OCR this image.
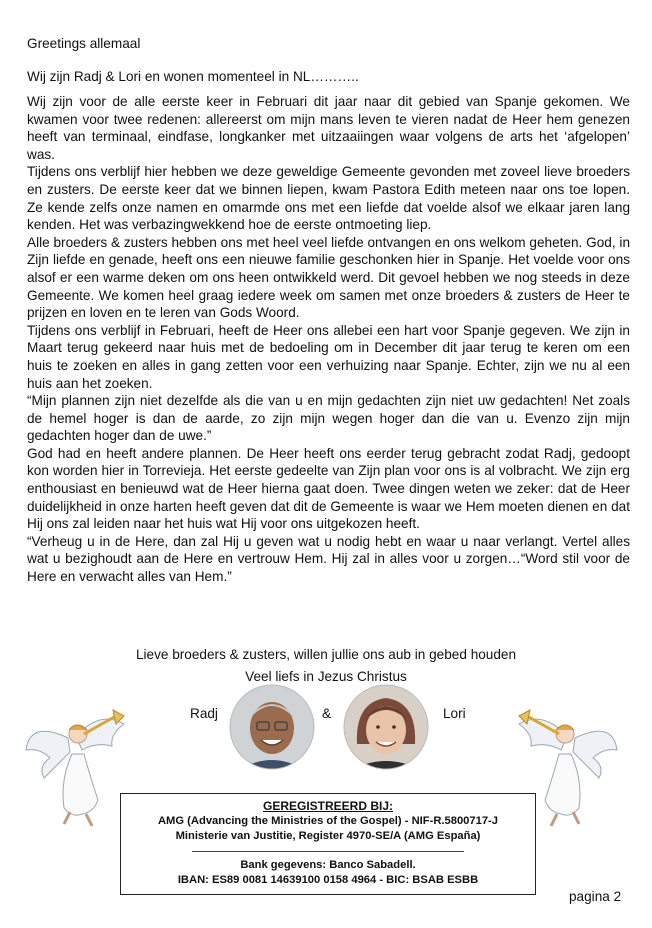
Greetings allemaal
Wij zijn Radj & Lori en wonen momenteel in NL………..

Wij zijn voor de alle eerste keer in Februari dit jaar naar dit gebied van Spanje gekomen. We kwamen voor twee redenen: allereerst om mijn mans leven te vieren nadat de Heer hem genezen heeft van terminaal, eindfase, longkanker met uitzaaiingen waar volgens de arts het ‘afgelopen’ was.

Tijdens ons verblijf hier hebben we deze geweldige Gemeente gevonden met zoveel lieve broeders en zusters. De eerste keer dat we binnen liepen, kwam Pastora Edith meteen naar ons toe lopen. Ze kende zelfs onze namen en omarmde ons met een liefde dat voelde alsof we elkaar jaren lang kenden. Het was verbazingwekkend hoe de eerste ontmoeting liep.

Alle broeders & zusters hebben ons met heel veel liefde ontvangen en ons welkom geheten. God, in Zijn liefde en genade, heeft ons een nieuwe familie geschonken hier in Spanje. Het voelde voor ons alsof er een warme deken om ons heen ontwikkeld werd. Dit gevoel hebben we nog steeds in deze Gemeente. We komen heel graag iedere week om samen met onze broeders & zusters de Heer te prijzen en loven en te leren van Gods Woord.

Tijdens ons verblijf in Februari, heeft de Heer ons allebei een hart voor Spanje gegeven. We zijn in Maart terug gekeerd naar huis met de bedoeling om in December dit jaar terug te keren om een huis te zoeken en alles in gang zetten voor een verhuizing naar Spanje. Echter, zijn we nu al een huis aan het zoeken.

“Mijn plannen zijn niet dezelfde als die van u en mijn gedachten zijn niet uw gedachten! Net zoals de hemel hoger is dan de aarde, zo zijn mijn wegen hoger dan die van u. Evenzo zijn mijn gedachten hoger dan de uwe.”

God had en heeft andere plannen. De Heer heeft ons eerder terug gebracht zodat Radj, gedoopt kon worden hier in Torrevieja. Het eerste gedeelte van Zijn plan voor ons is al volbracht. We zijn erg enthousiast en benieuwd wat de Heer hierna gaat doen. Twee dingen weten we zeker: dat de Heer duidelijkheid in onze harten heeft geven dat dit de Gemeente is waar we Hem moeten dienen en dat Hij ons zal leiden naar het huis wat Hij voor ons uitgekozen heeft.

“Verheug u in de Here, dan zal Hij u geven wat u nodig hebt en waar u naar verlangt. Vertel alles wat u bezighoudt aan de Here en vertrouw Hem. Hij zal in alles voor u zorgen…“Word stil voor de Here en verwacht alles van Hem.”

Lieve broeders & zusters, willen jullie ons aub in gebed houden
Veel liefs in Jezus Christus
Radj	&	Lori
GEREGISTREERD BIJ:
AMG (Advancing the Ministries of the Gospel) - NIF-R.5800717-J
Ministerie van Justitie, Register 4970-SE/A (AMG España)
Bank gegevens: Banco Sabadell.
IBAN: ES89 0081 14639100 0158 4964 - BIC: BSAB ESBB
pagina 2
